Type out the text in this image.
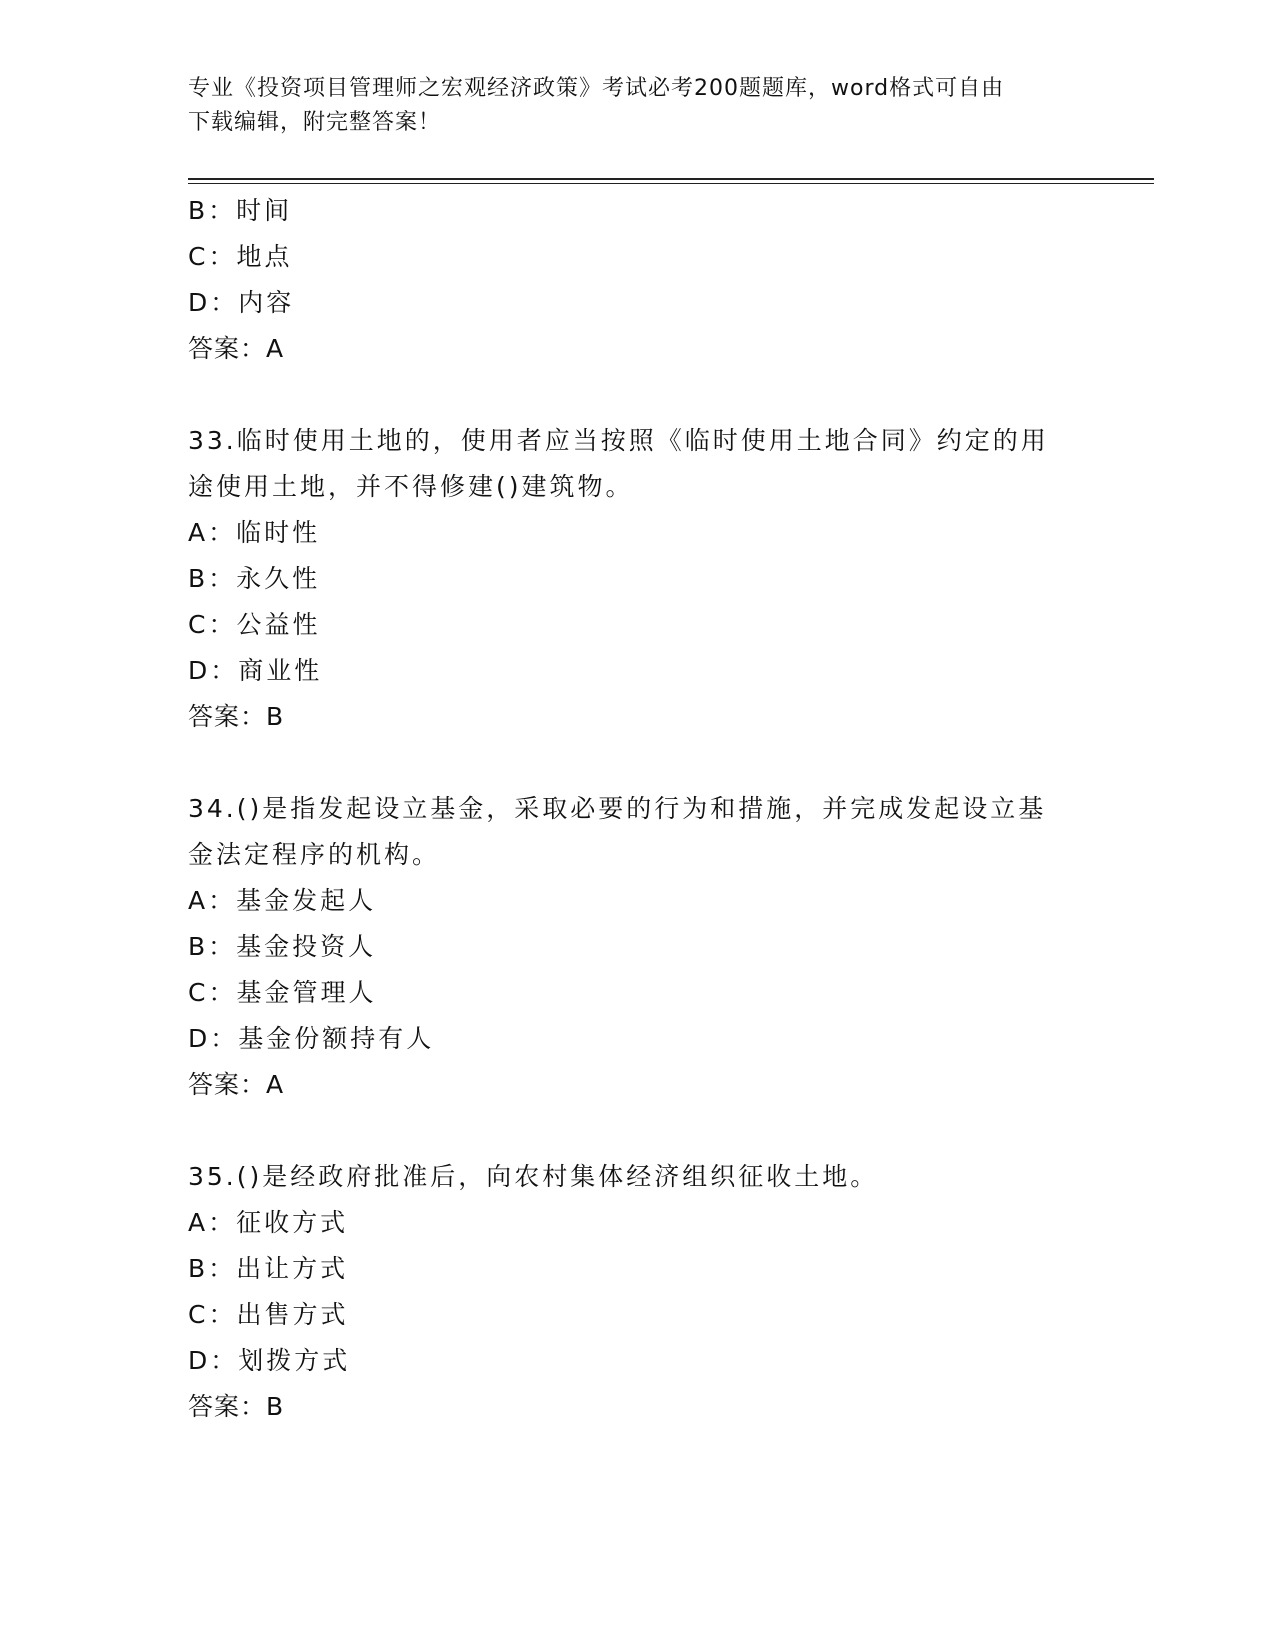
专业《投资项目管理师之宏观经济政策》考试必考200题题库，word格式可自由
下载编辑，附完整答案！
B：时间
C：地点
D：内容
答案：A
33.临时使用土地的，使用者应当按照《临时使用土地合同》约定的用
途使用土地，并不得修建()建筑物。
A：临时性
B：永久性
C：公益性
D：商业性
答案：B
34.()是指发起设立基金，采取必要的行为和措施，并完成发起设立基
金法定程序的机构。
A：基金发起人
B：基金投资人
C：基金管理人
D：基金份额持有人
答案：A
35.()是经政府批准后，向农村集体经济组织征收土地。
A：征收方式
B：出让方式
C：出售方式
D：划拨方式
答案：B
